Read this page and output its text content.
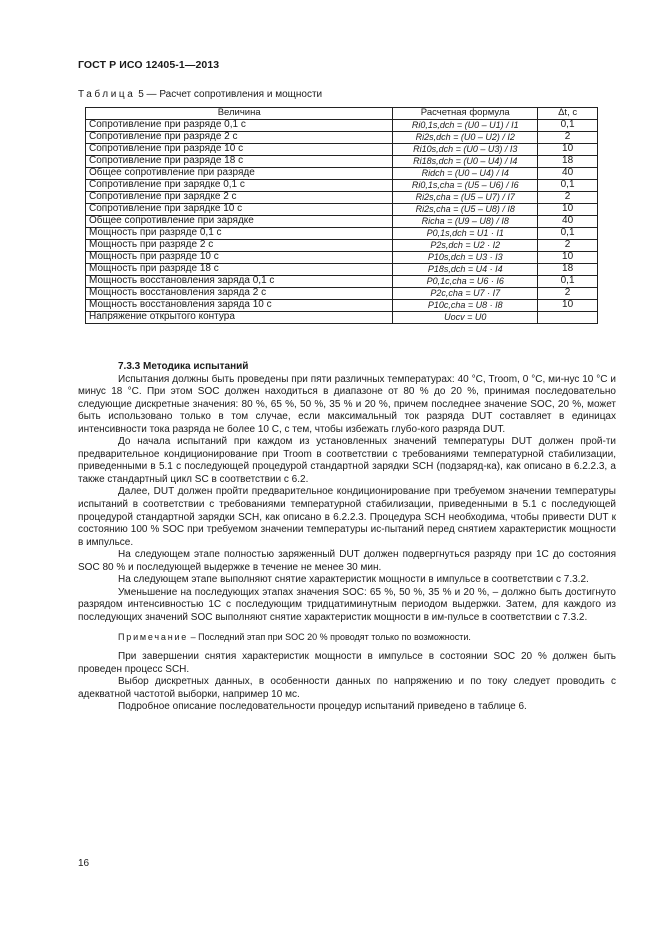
ГОСТ Р ИСО 12405-1—2013
Таблица 5 — Расчет сопротивления и мощности
Величина	Расчетная формула	Δt, с
Сопротивление при разряде 0,1 с	Ri0,1s,dch = (U0 – U1) / I1	0,1
Сопротивление при разряде 2 с	Ri2s,dch = (U0 – U2) / I2	2
Сопротивление при разряде 10 с	Ri10s,dch = (U0 – U3) / I3	10
Сопротивление при разряде 18 с	Ri18s,dch = (U0 – U4) / I4	18
Общее сопротивление при разряде	Ridch = (U0 – U4) / I4	40
Сопротивление при зарядке 0,1 с	Ri0,1s,cha = (U5 – U6) / I6	0,1
Сопротивление при зарядке 2 с	Ri2s,cha = (U5 – U7) / I7	2
Сопротивление при зарядке 10 с	Ri2s,cha = (U5 – U8) / I8	10
Общее сопротивление при зарядке	Richa = (U9 – U8) / I8	40
Мощность при разряде 0,1 с	P0,1s,dch = U1 · I1	0,1
Мощность при разряде 2 с	P2s,dch = U2 · I2	2
Мощность при разряде 10 с	P10s,dch = U3 · I3	10
Мощность при разряде 18 с	P18s,dch = U4 · I4	18
Мощность восстановления заряда 0,1 с	P0,1c,cha = U6 · I6	0,1
Мощность восстановления заряда 2 с	P2c,cha = U7 · I7	2
Мощность восстановления заряда 10 с	P10c,cha = U8 · I8	10
Напряжение открытого контура	Uocv = U0	
7.3.3 Методика испытаний

Испытания должны быть проведены при пяти различных температурах: 40 °С, Troom, 0 °С, ми-нус 10 °С и минус 18 °С. При этом SOC должен находиться в диапазоне от 80 % до 20 %, принимая последовательно следующие дискретные значения: 80 %, 65 %, 50 %, 35 % и 20 %, причем последнее значение SOC, 20 %, может быть использовано только в том случае, если максимальный ток разряда DUT составляет в единицах интенсивности тока разряда не более 10 C, с тем, чтобы избежать глубо-кого разряда DUT.

До начала испытаний при каждом из установленных значений температуры DUT должен прой-ти предварительное кондиционирование при Troom в соответствии с требованиями температурной стабилизации, приведенными в 5.1 с последующей процедурой стандартной зарядки SCH (подзаряд-ка), как описано в 6.2.2.3, а также стандартный цикл SC в соответствии с 6.2.

Далее, DUT должен пройти предварительное кондиционирование при требуемом значении температуры испытаний в соответствии с требованиями температурной стабилизации, приведенными в 5.1 с последующей процедурой стандартной зарядки SCH, как описано в 6.2.2.3. Процедура SCH необходима, чтобы привести DUT к состоянию 100 % SOC при требуемом значении температуры ис-пытаний перед снятием характеристик мощности в импульсе.

На следующем этапе полностью заряженный DUT должен подвергнуться разряду при 1C до состояния SOC 80 % и последующей выдержке в течение не менее 30 мин.

На следующем этапе выполняют снятие характеристик мощности в импульсе в соответствии с 7.3.2.

Уменьшение на последующих этапах значения SOC: 65 %, 50 %, 35 % и 20 %, – должно быть достигнуто разрядом интенсивностью 1C с последующим тридцатиминутным периодом выдержки. Затем, для каждого из последующих значений SOC выполняют снятие характеристик мощности в им-пульсе в соответствии с 7.3.2.

Примечание – Последний этап при SOC 20 % проводят только по возможности.

При завершении снятия характеристик мощности в импульсе в состоянии SOC 20 % должен быть проведен процесс SCH.

Выбор дискретных данных, в особенности данных по напряжению и по току следует проводить с адекватной частотой выборки, например 10 мс.

Подробное описание последовательности процедур испытаний приведено в таблице 6.

16
